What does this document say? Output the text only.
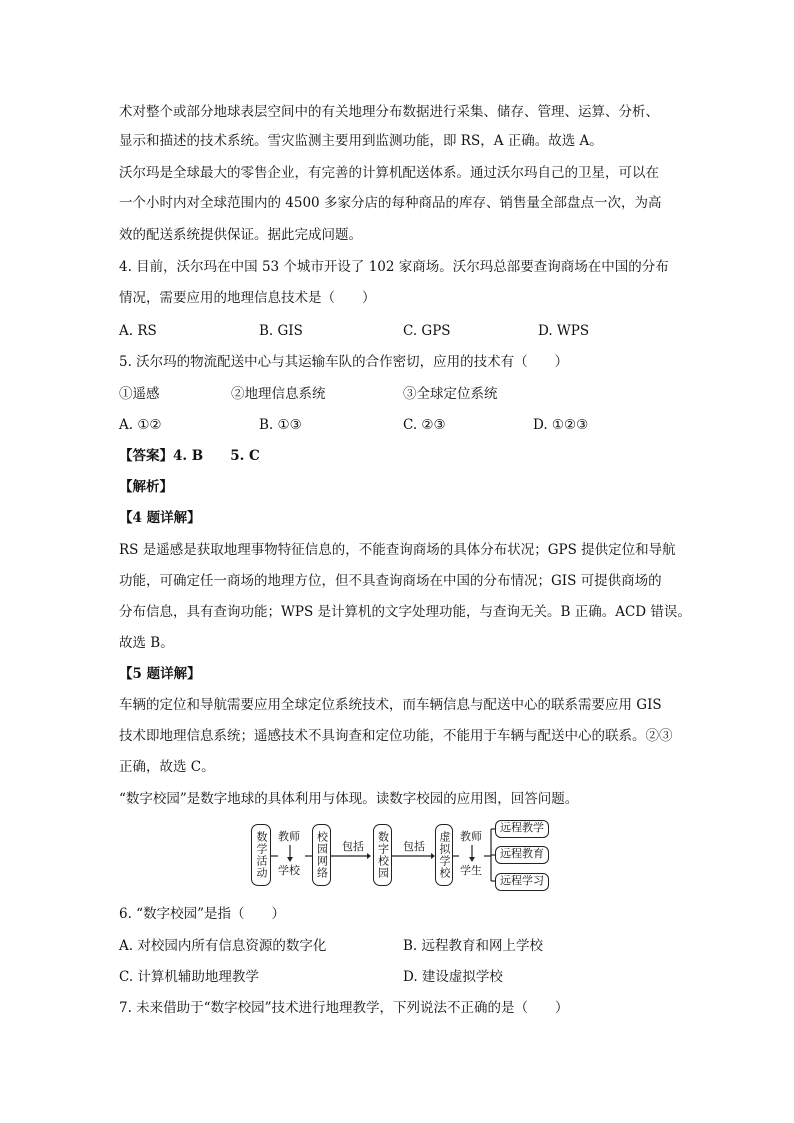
术对整个或部分地球表层空间中的有关地理分布数据进行采集、储存、管理、运算、分析、
显示和描述的技术系统。雪灾监测主要用到监测功能，即 RS，A 正确。故选 A。
沃尔玛是全球最大的零售企业，有完善的计算机配送体系。通过沃尔玛自己的卫星，可以在
一个小时内对全球范围内的 4500 多家分店的每种商品的库存、销售量全部盘点一次，为高
效的配送系统提供保证。据此完成问题。
4. 目前，沃尔玛在中国 53 个城市开设了 102 家商场。沃尔玛总部要查询商场在中国的分布
情况，需要应用的地理信息技术是（　　）
A. RS	B. GIS	C. GPS	D. WPS
5. 沃尔玛的物流配送中心与其运输车队的合作密切，应用的技术有（　　）
①遥感	②地理信息系统	③全球定位系统
A. ①②	B. ①③	C. ②③	D. ①②③
【答案】4. B　　5. C
【解析】
【4 题详解】
RS 是遥感是获取地理事物特征信息的，不能查询商场的具体分布状况；GPS 提供定位和导航
功能，可确定任一商场的地理方位，但不具查询商场在中国的分布情况；GIS 可提供商场的
分布信息，具有查询功能；WPS 是计算机的文字处理功能，与查询无关。B 正确。ACD 错误。
故选 B。
【5 题详解】
车辆的定位和导航需要应用全球定位系统技术，而车辆信息与配送中心的联系需要应用 GIS
技术即地理信息系统；遥感技术不具询查和定位功能，不能用于车辆与配送中心的联系。②③
正确，故选 C。
“数字校园”是数字地球的具体利用与体现。读数字校园的应用图，回答问题。
数学活动 教师
学校	校园网络 包括	数字校园 包括 虚拟学校 教师
学生
远程教学
远程教育
远程学习
6. “数字校园”是指（　　）
A. 对校园内所有信息资源的数字化	B. 远程教育和网上学校
C. 计算机辅助地理教学	D. 建设虚拟学校
7. 未来借助于“数字校园”技术进行地理教学，下列说法不正确的是（　　）
